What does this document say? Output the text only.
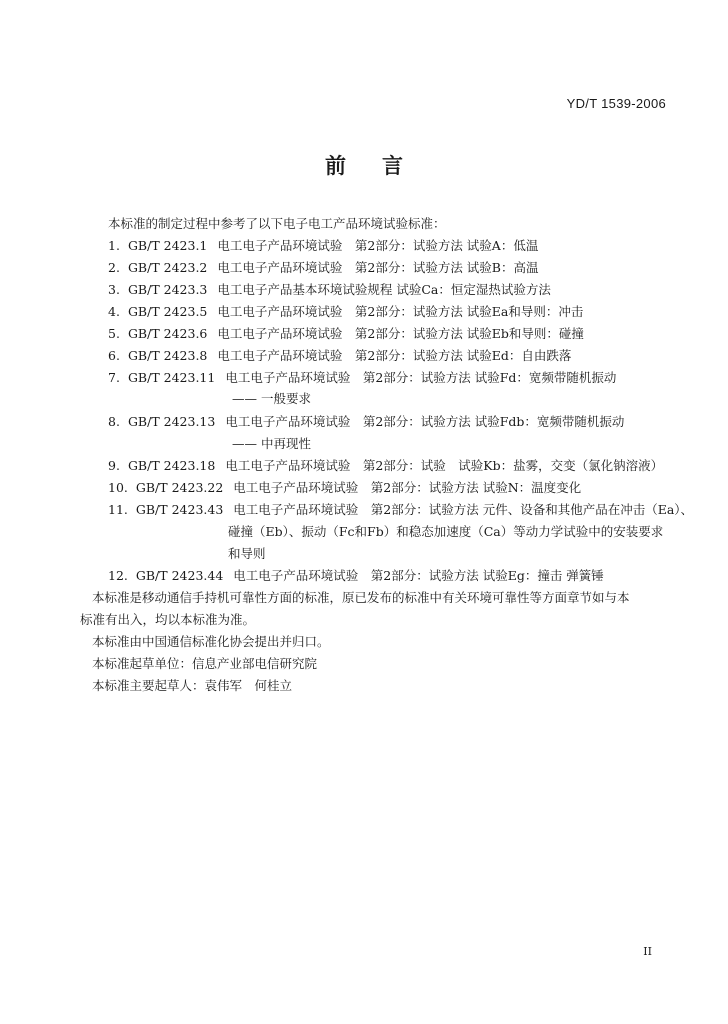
YD/T 1539-2006
前言
本标准的制定过程中参考了以下电子电工产品环境试验标准：
1. GB/T 2423.1 电工电子产品环境试验　第2部分：试验方法 试验A：低温
2. GB/T 2423.2 电工电子产品环境试验　第2部分：试验方法 试验B：高温
3. GB/T 2423.3 电工电子产品基本环境试验规程 试验Ca：恒定湿热试验方法
4. GB/T 2423.5 电工电子产品环境试验　第2部分：试验方法 试验Ea和导则：冲击
5. GB/T 2423.6 电工电子产品环境试验　第2部分：试验方法 试验Eb和导则：碰撞
6. GB/T 2423.8 电工电子产品环境试验　第2部分：试验方法 试验Ed：自由跌落
7. GB/T 2423.11 电工电子产品环境试验　第2部分：试验方法 试验Fd：宽频带随机振动
—— 一般要求
8. GB/T 2423.13 电工电子产品环境试验　第2部分：试验方法 试验Fdb：宽频带随机振动
—— 中再现性
9. GB/T 2423.18 电工电子产品环境试验　第2部分：试验　试验Kb：盐雾，交变（氯化钠溶液）
10. GB/T 2423.22 电工电子产品环境试验　第2部分：试验方法 试验N：温度变化
11. GB/T 2423.43 电工电子产品环境试验　第2部分：试验方法 元件、设备和其他产品在冲击（Ea）、
碰撞（Eb）、振动（Fc和Fb）和稳态加速度（Ca）等动力学试验中的安装要求
和导则
12. GB/T 2423.44 电工电子产品环境试验　第2部分：试验方法 试验Eg：撞击 弹簧锤
本标准是移动通信手持机可靠性方面的标准，原已发布的标准中有关环境可靠性等方面章节如与本
标准有出入，均以本标准为准。
本标准由中国通信标准化协会提出并归口。
本标准起草单位：信息产业部电信研究院
本标准主要起草人：袁伟军　何桂立
II
